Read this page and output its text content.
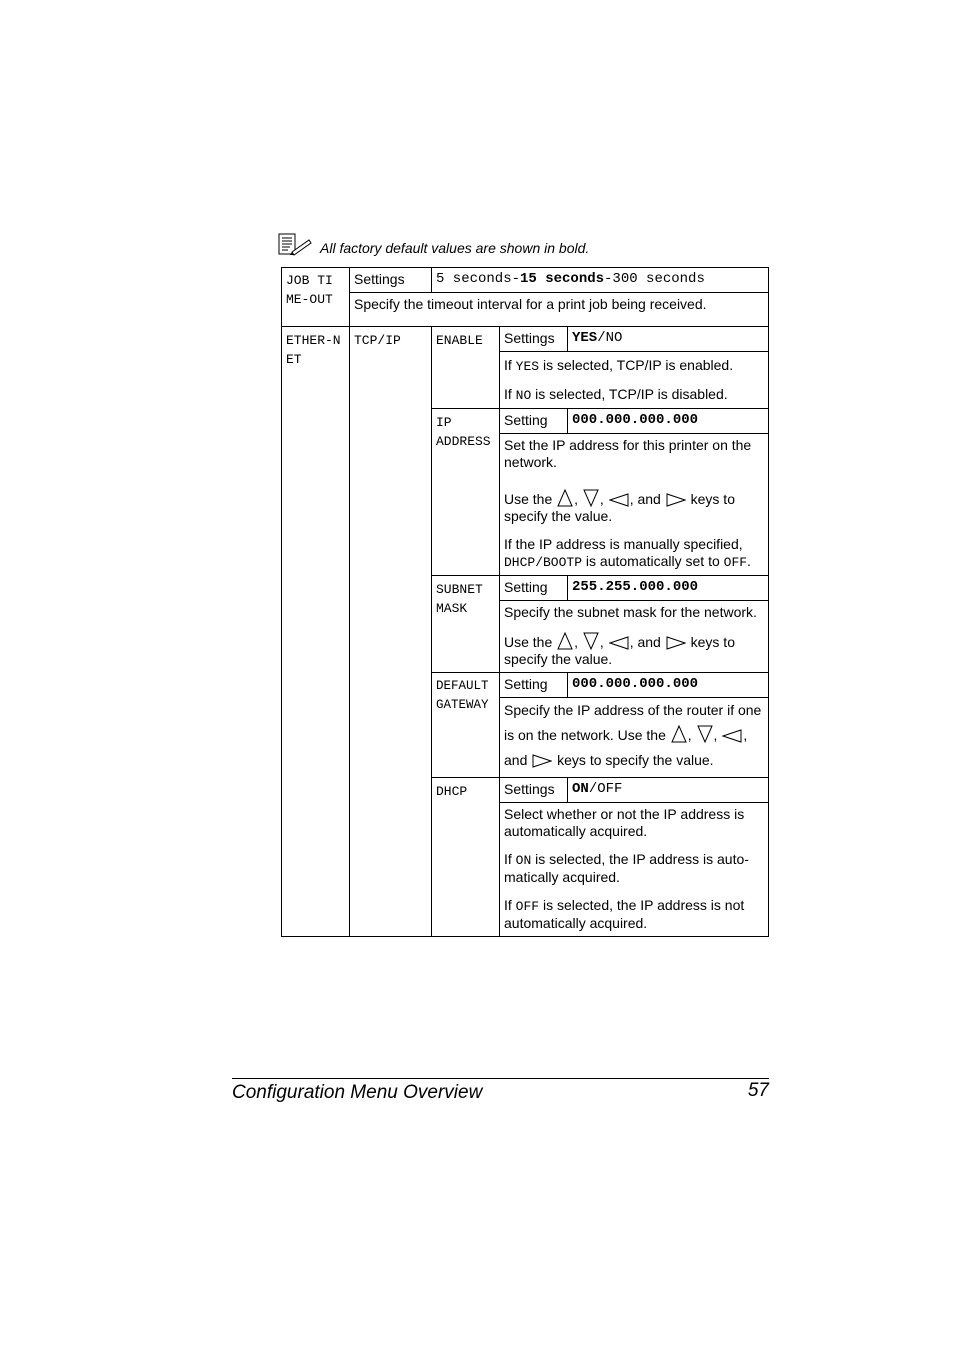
All factory default values are shown in bold.
JOB TIME-OUT	Settings	5 seconds-15 seconds-300 seconds		
	Specify the timeout interval for a print job being received.			

ETHER-NET	TCP/IP	ENABLE	Settings	YES/NO

			If YES is selected, TCP/IP is enabled.

If NO is selected, TCP/IP is disabled.	

		IP ADDRESS	Setting	000.000.000.000

			Set the IP address for this printer on the network.

Use the , , , and keys to specify the value.

If the IP address is manually specified, DHCP/BOOTP is automatically set to OFF.	

		SUBNET MASK	Setting	255.255.000.000

			Specify the subnet mask for the network.

Use the , , , and keys to specify the value.	

		DEFAULT GATEWAY	Setting	000.000.000.000

			Specify the IP address of the router if one is on the network. Use the , , , and keys to specify the value.	

		DHCP	Settings	ON/OFF

			Select whether or not the IP address is automatically acquired.

If ON is selected, the IP address is auto-matically acquired.

If OFF is selected, the IP address is not automatically acquired.	

Configuration Menu Overview	57
